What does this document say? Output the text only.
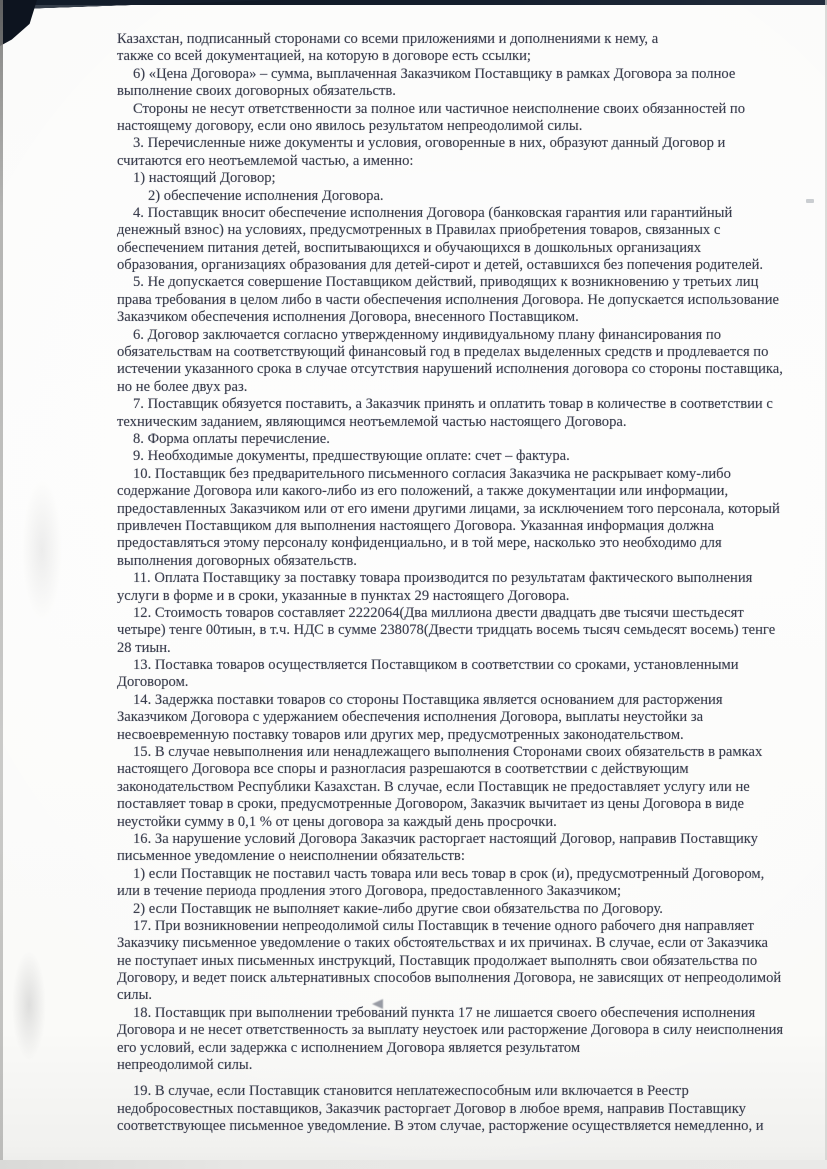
Казахстан, подписанный сторонами со всеми приложениями и дополнениями к нему, а
также со всей документацией, на которую в договоре есть ссылки;
6) «Цена Договора» – сумма, выплаченная Заказчиком Поставщику в рамках Договора за полное
выполнение своих договорных обязательств.
Стороны не несут ответственности за полное или частичное неисполнение своих обязанностей по
настоящему договору, если оно явилось результатом непреодолимой силы.
3. Перечисленные ниже документы и условия, оговоренные в них, образуют данный Договор и
считаются его неотъемлемой частью, а именно:
1) настоящий Договор;
2) обеспечение исполнения Договора.
4. Поставщик вносит обеспечение исполнения Договора (банковская гарантия или гарантийный
денежный взнос) на условиях, предусмотренных в Правилах приобретения товаров, связанных с
обеспечением питания детей, воспитывающихся и обучающихся в дошкольных организациях
образования, организациях образования для детей-сирот и детей, оставшихся без попечения родителей.
5. Не допускается совершение Поставщиком действий, приводящих к возникновению у третьих лиц
права требования в целом либо в части обеспечения исполнения Договора. Не допускается использование
Заказчиком обеспечения исполнения Договора, внесенного Поставщиком.
6. Договор заключается согласно утвержденному индивидуальному плану финансирования по
обязательствам на соответствующий финансовый год в пределах выделенных средств и продлевается по
истечении указанного срока в случае отсутствия нарушений исполнения договора со стороны поставщика,
но не более двух раз.
7. Поставщик обязуется поставить, а Заказчик принять и оплатить товар в количестве в соответствии с
техническим заданием, являющимся неотъемлемой частью настоящего Договора.
8. Форма оплаты перечисление.
9. Необходимые документы, предшествующие оплате: счет – фактура.
10. Поставщик без предварительного письменного согласия Заказчика не раскрывает кому-либо
содержание Договора или какого-либо из его положений, а также документации или информации,
предоставленных Заказчиком или от его имени другими лицами, за исключением того персонала, который
привлечен Поставщиком для выполнения настоящего Договора. Указанная информация должна
предоставляться этому персоналу конфиденциально, и в той мере, насколько это необходимо для
выполнения договорных обязательств.
11. Оплата Поставщику за поставку товара производится по результатам фактического выполнения
услуги в форме и в сроки, указанные в пунктах 29 настоящего Договора.
12. Стоимость товаров составляет 2222064(Два миллиона двести двадцать две тысячи шестьдесят
четыре) тенге 00тиын, в т.ч. НДС в сумме 238078(Двести тридцать восемь тысяч семьдесят восемь) тенге
28 тиын.
13. Поставка товаров осуществляется Поставщиком в соответствии со сроками, установленными
Договором.
14. Задержка поставки товаров со стороны Поставщика является основанием для расторжения
Заказчиком Договора с удержанием обеспечения исполнения Договора, выплаты неустойки за
несвоевременную поставку товаров или других мер, предусмотренных законодательством.
15. В случае невыполнения или ненадлежащего выполнения Сторонами своих обязательств в рамках
настоящего Договора все споры и разногласия разрешаются в соответствии с действующим
законодательством Республики Казахстан. В случае, если Поставщик не предоставляет услугу или не
поставляет товар в сроки, предусмотренные Договором, Заказчик вычитает из цены Договора в виде
неустойки сумму в 0,1 % от цены договора за каждый день просрочки.
16. За нарушение условий Договора Заказчик расторгает настоящий Договор, направив Поставщику
письменное уведомление о неисполнении обязательств:
1) если Поставщик не поставил часть товара или весь товар в срок (и), предусмотренный Договором,
или в течение периода продления этого Договора, предоставленного Заказчиком;
2) если Поставщик не выполняет какие-либо другие свои обязательства по Договору.
17. При возникновении непреодолимой силы Поставщик в течение одного рабочего дня направляет
Заказчику письменное уведомление о таких обстоятельствах и их причинах. В случае, если от Заказчика
не поступает иных письменных инструкций, Поставщик продолжает выполнять свои обязательства по
Договору, и ведет поиск альтернативных способов выполнения Договора, не зависящих от непреодолимой
силы.
18. Поставщик при выполнении требований пункта 17 не лишается своего обеспечения исполнения
Договора и не несет ответственность за выплату неустоек или расторжение Договора в силу неисполнения
его условий, если задержка с исполнением Договора является результатом
непреодолимой силы.
19. В случае, если Поставщик становится неплатежеспособным или включается в Реестр
недобросовестных поставщиков, Заказчик расторгает Договор в любое время, направив Поставщику
соответствующее письменное уведомление. В этом случае, расторжение осуществляется немедленно, и
